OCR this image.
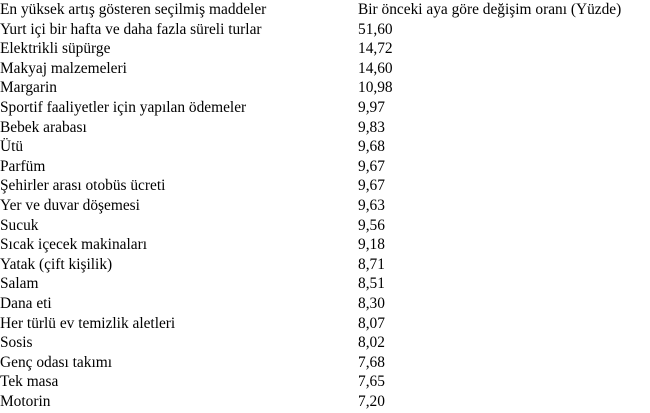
En yüksek artış gösteren seçilmiş maddeler	Bir önceki aya göre değişim oranı (Yüzde)
Yurt içi bir hafta ve daha fazla süreli turlar	51,60
Elektrikli süpürge	14,72
Makyaj malzemeleri	14,60
Margarin	10,98
Sportif faaliyetler için yapılan ödemeler	9,97
Bebek arabası	9,83
Ütü	9,68
Parfüm	9,67
Şehirler arası otobüs ücreti	9,67
Yer ve duvar döşemesi	9,63
Sucuk	9,56
Sıcak içecek makinaları	9,18
Yatak (çift kişilik)	8,71
Salam	8,51
Dana eti	8,30
Her türlü ev temizlik aletleri	8,07
Sosis	8,02
Genç odası takımı	7,68
Tek masa	7,65
Motorin	7,20
